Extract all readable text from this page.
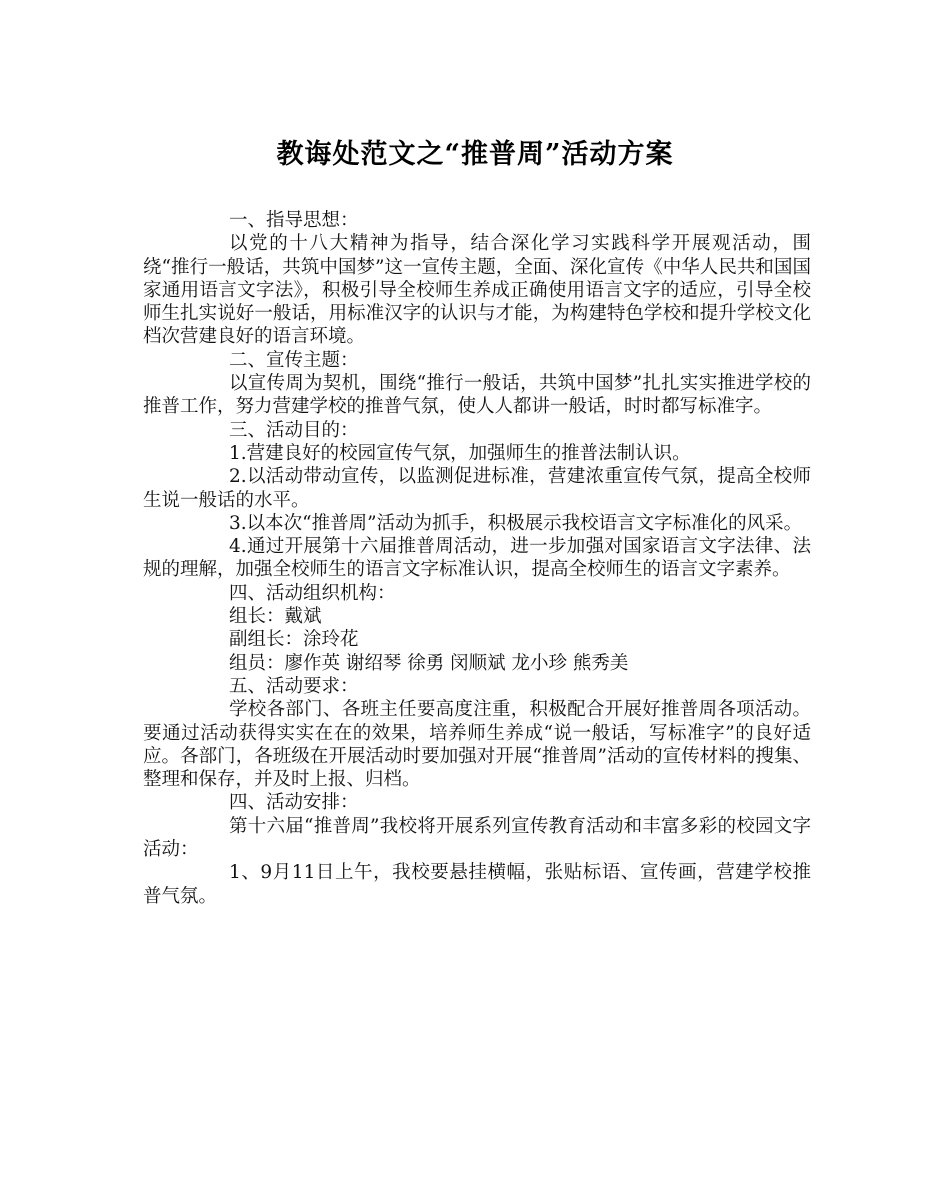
教诲处范文之“推普周”活动方案

一、指导思想：

以党的十八大精神为指导，结合深化学习实践科学开展观活动，围绕“推行一般话，共筑中国梦”这一宣传主题，全面、深化宣传《中华人民共和国国家通用语言文字法》，积极引导全校师生养成正确使用语言文字的适应，引导全校师生扎实说好一般话，用标准汉字的认识与才能，为构建特色学校和提升学校文化档次营建良好的语言环境。

二、宣传主题：

以宣传周为契机，围绕“推行一般话，共筑中国梦”扎扎实实推进学校的推普工作，努力营建学校的推普气氛，使人人都讲一般话，时时都写标准字。

三、活动目的：

1.营建良好的校园宣传气氛，加强师生的推普法制认识。

2.以活动带动宣传，以监测促进标准，营建浓重宣传气氛，提高全校师生说一般话的水平。

3.以本次“推普周”活动为抓手，积极展示我校语言文字标准化的风采。

4.通过开展第十六届推普周活动，进一步加强对国家语言文字法律、法规的理解，加强全校师生的语言文字标准认识，提高全校师生的语言文字素养。

四、活动组织机构：

组长：戴斌

副组长：涂玲花

组员：廖作英 谢绍琴 徐勇 闵顺斌 龙小珍 熊秀美

五、活动要求：

学校各部门、各班主任要高度注重，积极配合开展好推普周各项活动。要通过活动获得实实在在的效果，培养师生养成“说一般话，写标准字”的良好适应。各部门，各班级在开展活动时要加强对开展“推普周”活动的宣传材料的搜集、整理和保存，并及时上报、归档。

四、活动安排：

第十六届“推普周”我校将开展系列宣传教育活动和丰富多彩的校园文字活动：

1、9月11日上午，我校要悬挂横幅，张贴标语、宣传画，营建学校推普气氛。
